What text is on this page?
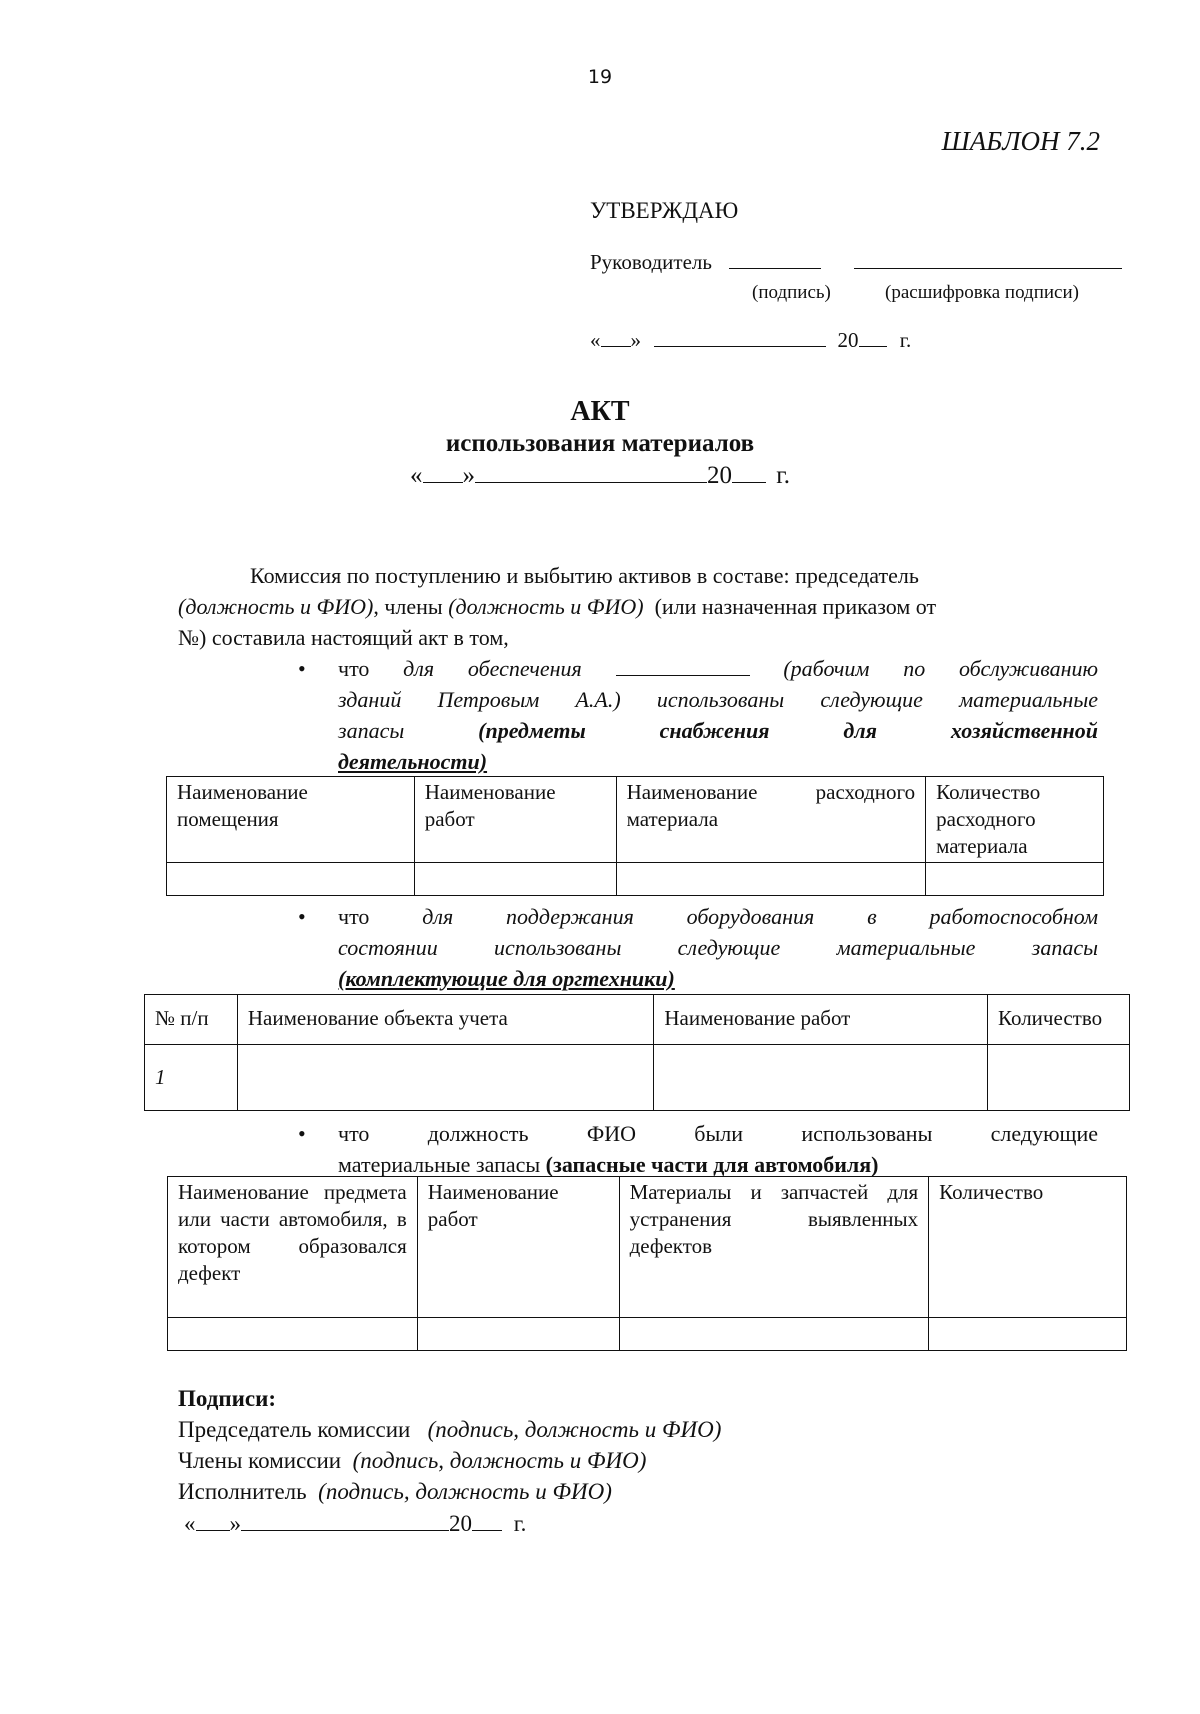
19
ШАБЛОН 7.2
УТВЕРЖДАЮ
Руководитель
(подпись)	(расшифровка подписи)
« »	20 г.
АКТ
использования материалов
« »	20 г.
Комиссия по поступлению и выбытию активов в составе: председатель
(должность и ФИО), члены (должность и ФИО) (или назначенная приказом от
№) составила настоящий акт в том,
• что для обеспечения	(рабочим по обслуживанию
зданий Петровым А.А.) использованы следующие материальные
запасы	(предметы снабжения для хозяйственной
деятельности)
Наименование помещения	Наименование работ	Наименование расходного материала	Количество расходного материала

• что для поддержания оборудования в работоспособном
состоянии использованы следующие материальные запасы
(комплектующие для оргтехники)
№ п/п	Наименование объекта учета	Наименование работ	Количество
1			
• что должность ФИО были использованы следующие
материальные запасы (запасные части для автомобиля)
Наименование предмета или части автомобиля, в котором образовался дефект	Наименование работ	Материалы и запчастей для устранения выявленных дефектов	Количество

Подписи:
Председатель комиссии (подпись, должность и ФИО)
Члены комиссии (подпись, должность и ФИО)
Исполнитель (подпись, должность и ФИО)
« »	20 г.
